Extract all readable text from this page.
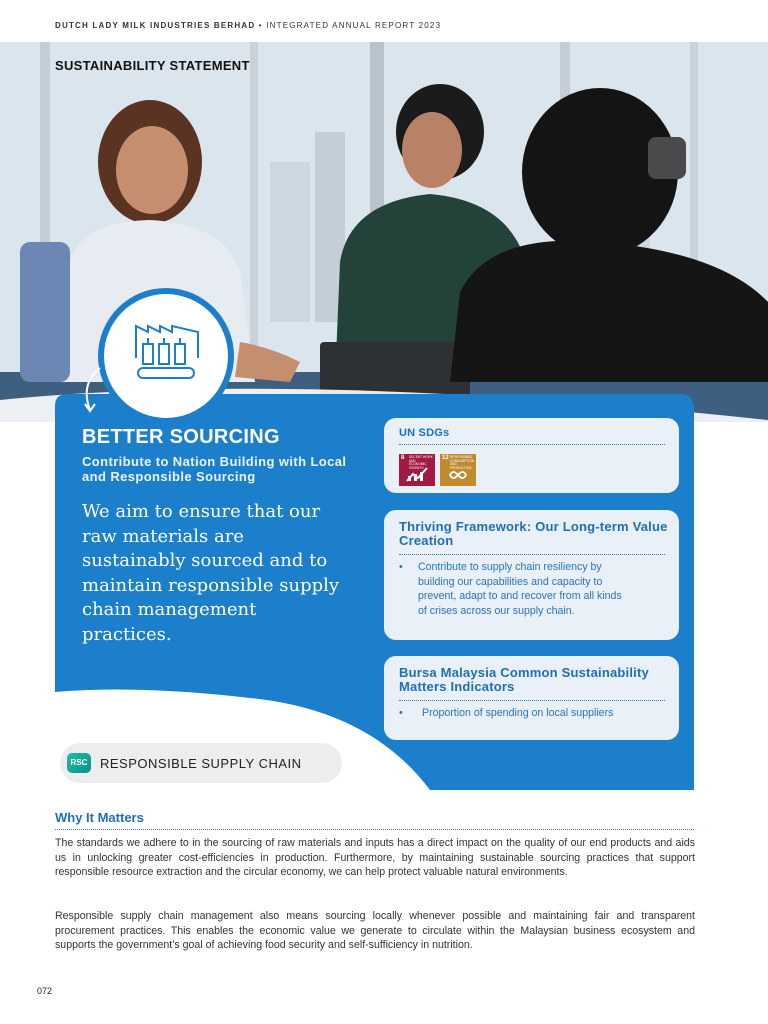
DUTCH LADY MILK INDUSTRIES BERHAD • INTEGRATED ANNUAL REPORT 2023
SUSTAINABILITY STATEMENT
BETTER SOURCING
Contribute to Nation Building with Local and Responsible Sourcing
We aim to ensure that our raw materials are sustainably sourced and to maintain responsible supply chain management practices.
UN SDGs
8 DECENT WORK AND ECONOMIC GROWTH
12 RESPONSIBLE CONSUMPTION AND PRODUCTION
Thriving Framework: Our Long-term Value Creation
• Contribute to supply chain resiliency by
building our capabilities and capacity to
prevent, adapt to and recover from all kinds
of crises across our supply chain.
Bursa Malaysia Common Sustainability Matters Indicators
• Proportion of spending on local suppliers
RSC RESPONSIBLE SUPPLY CHAIN
Why It Matters
The standards we adhere to in the sourcing of raw materials and inputs has a direct impact on the quality of our end products and aids us in unlocking greater cost-efficiencies in production. Furthermore, by maintaining sustainable sourcing practices that support responsible resource extraction and the circular economy, we can help protect valuable natural environments.
Responsible supply chain management also means sourcing locally whenever possible and maintaining fair and transparent procurement practices. This enables the economic value we generate to circulate within the Malaysian business ecosystem and supports the government’s goal of achieving food security and self-sufficiency in nutrition.
072
